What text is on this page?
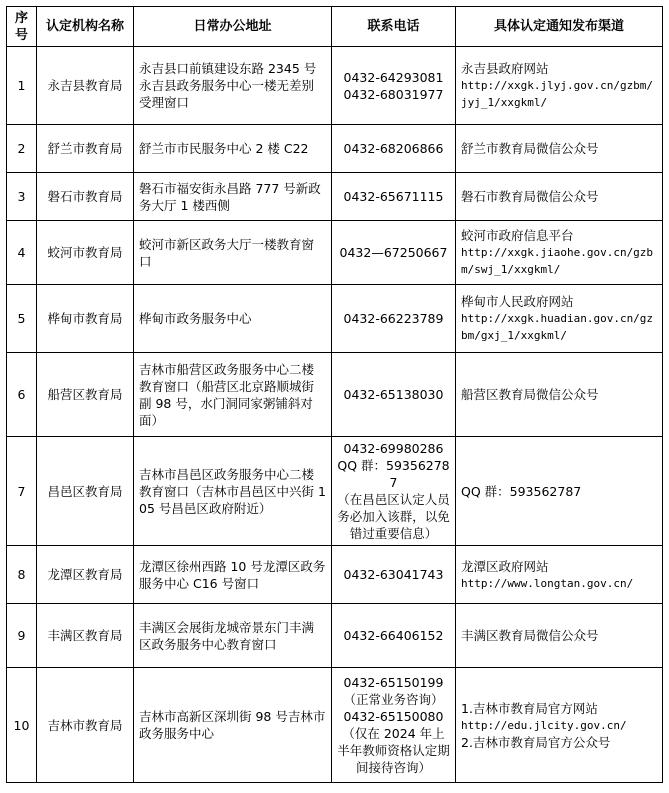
序号	认定机构名称	日常办公地址	联系电话	具体认定通知发布渠道
1	永吉县教育局	永吉县口前镇建设东路 2345 号永吉县政务服务中心一楼无差别受理窗口	0432-64293081
0432-68031977	永吉县政府网站
http://xxgk.jlyj.gov.cn/gzbm/jyj_1/xxgkml/

2	舒兰市教育局	舒兰市市民服务中心 2 楼 C22	0432-68206866	舒兰市教育局微信公众号

3	磐石市教育局	磐石市福安街永昌路 777 号新政务大厅 1 楼西侧	0432-65671115	磐石市教育局微信公众号

4	蛟河市教育局	蛟河市新区政务大厅一楼教育窗口	0432—67250667	蛟河市政府信息平台
http://xxgk.jiaohe.gov.cn/gzbm/swj_1/xxgkml/

5	桦甸市教育局	桦甸市政务服务中心	0432-66223789	桦甸市人民政府网站
http://xxgk.huadian.gov.cn/gzbm/gxj_1/xxgkml/

6	船营区教育局	吉林市船营区政务服务中心二楼教育窗口（船营区北京路顺城街副 98 号，水门洞同家粥铺斜对面）	0432-65138030	船营区教育局微信公众号

7	昌邑区教育局	吉林市昌邑区政务服务中心二楼教育窗口（吉林市昌邑区中兴街 105 号昌邑区政府附近）	0432-69980286
QQ 群：593562787
（在昌邑区认定人员务必加入该群，以免错过重要信息）	QQ 群：593562787

8	龙潭区教育局	龙潭区徐州西路 10 号龙潭区政务服务中心 C16 号窗口	0432-63041743	龙潭区政府网站
http://www.longtan.gov.cn/

9	丰满区教育局	丰满区会展街龙城帝景东门丰满区政务服务中心教育窗口	0432-66406152	丰满区教育局微信公众号

10	吉林市教育局	吉林市高新区深圳街 98 号吉林市政务服务中心	0432-65150199
（正常业务咨询）
0432-65150080
（仅在 2024 年上半年教师资格认定期间接待咨询）	1.吉林市教育局官方网站
http://edu.jlcity.gov.cn/
2.吉林市教育局官方公众号
